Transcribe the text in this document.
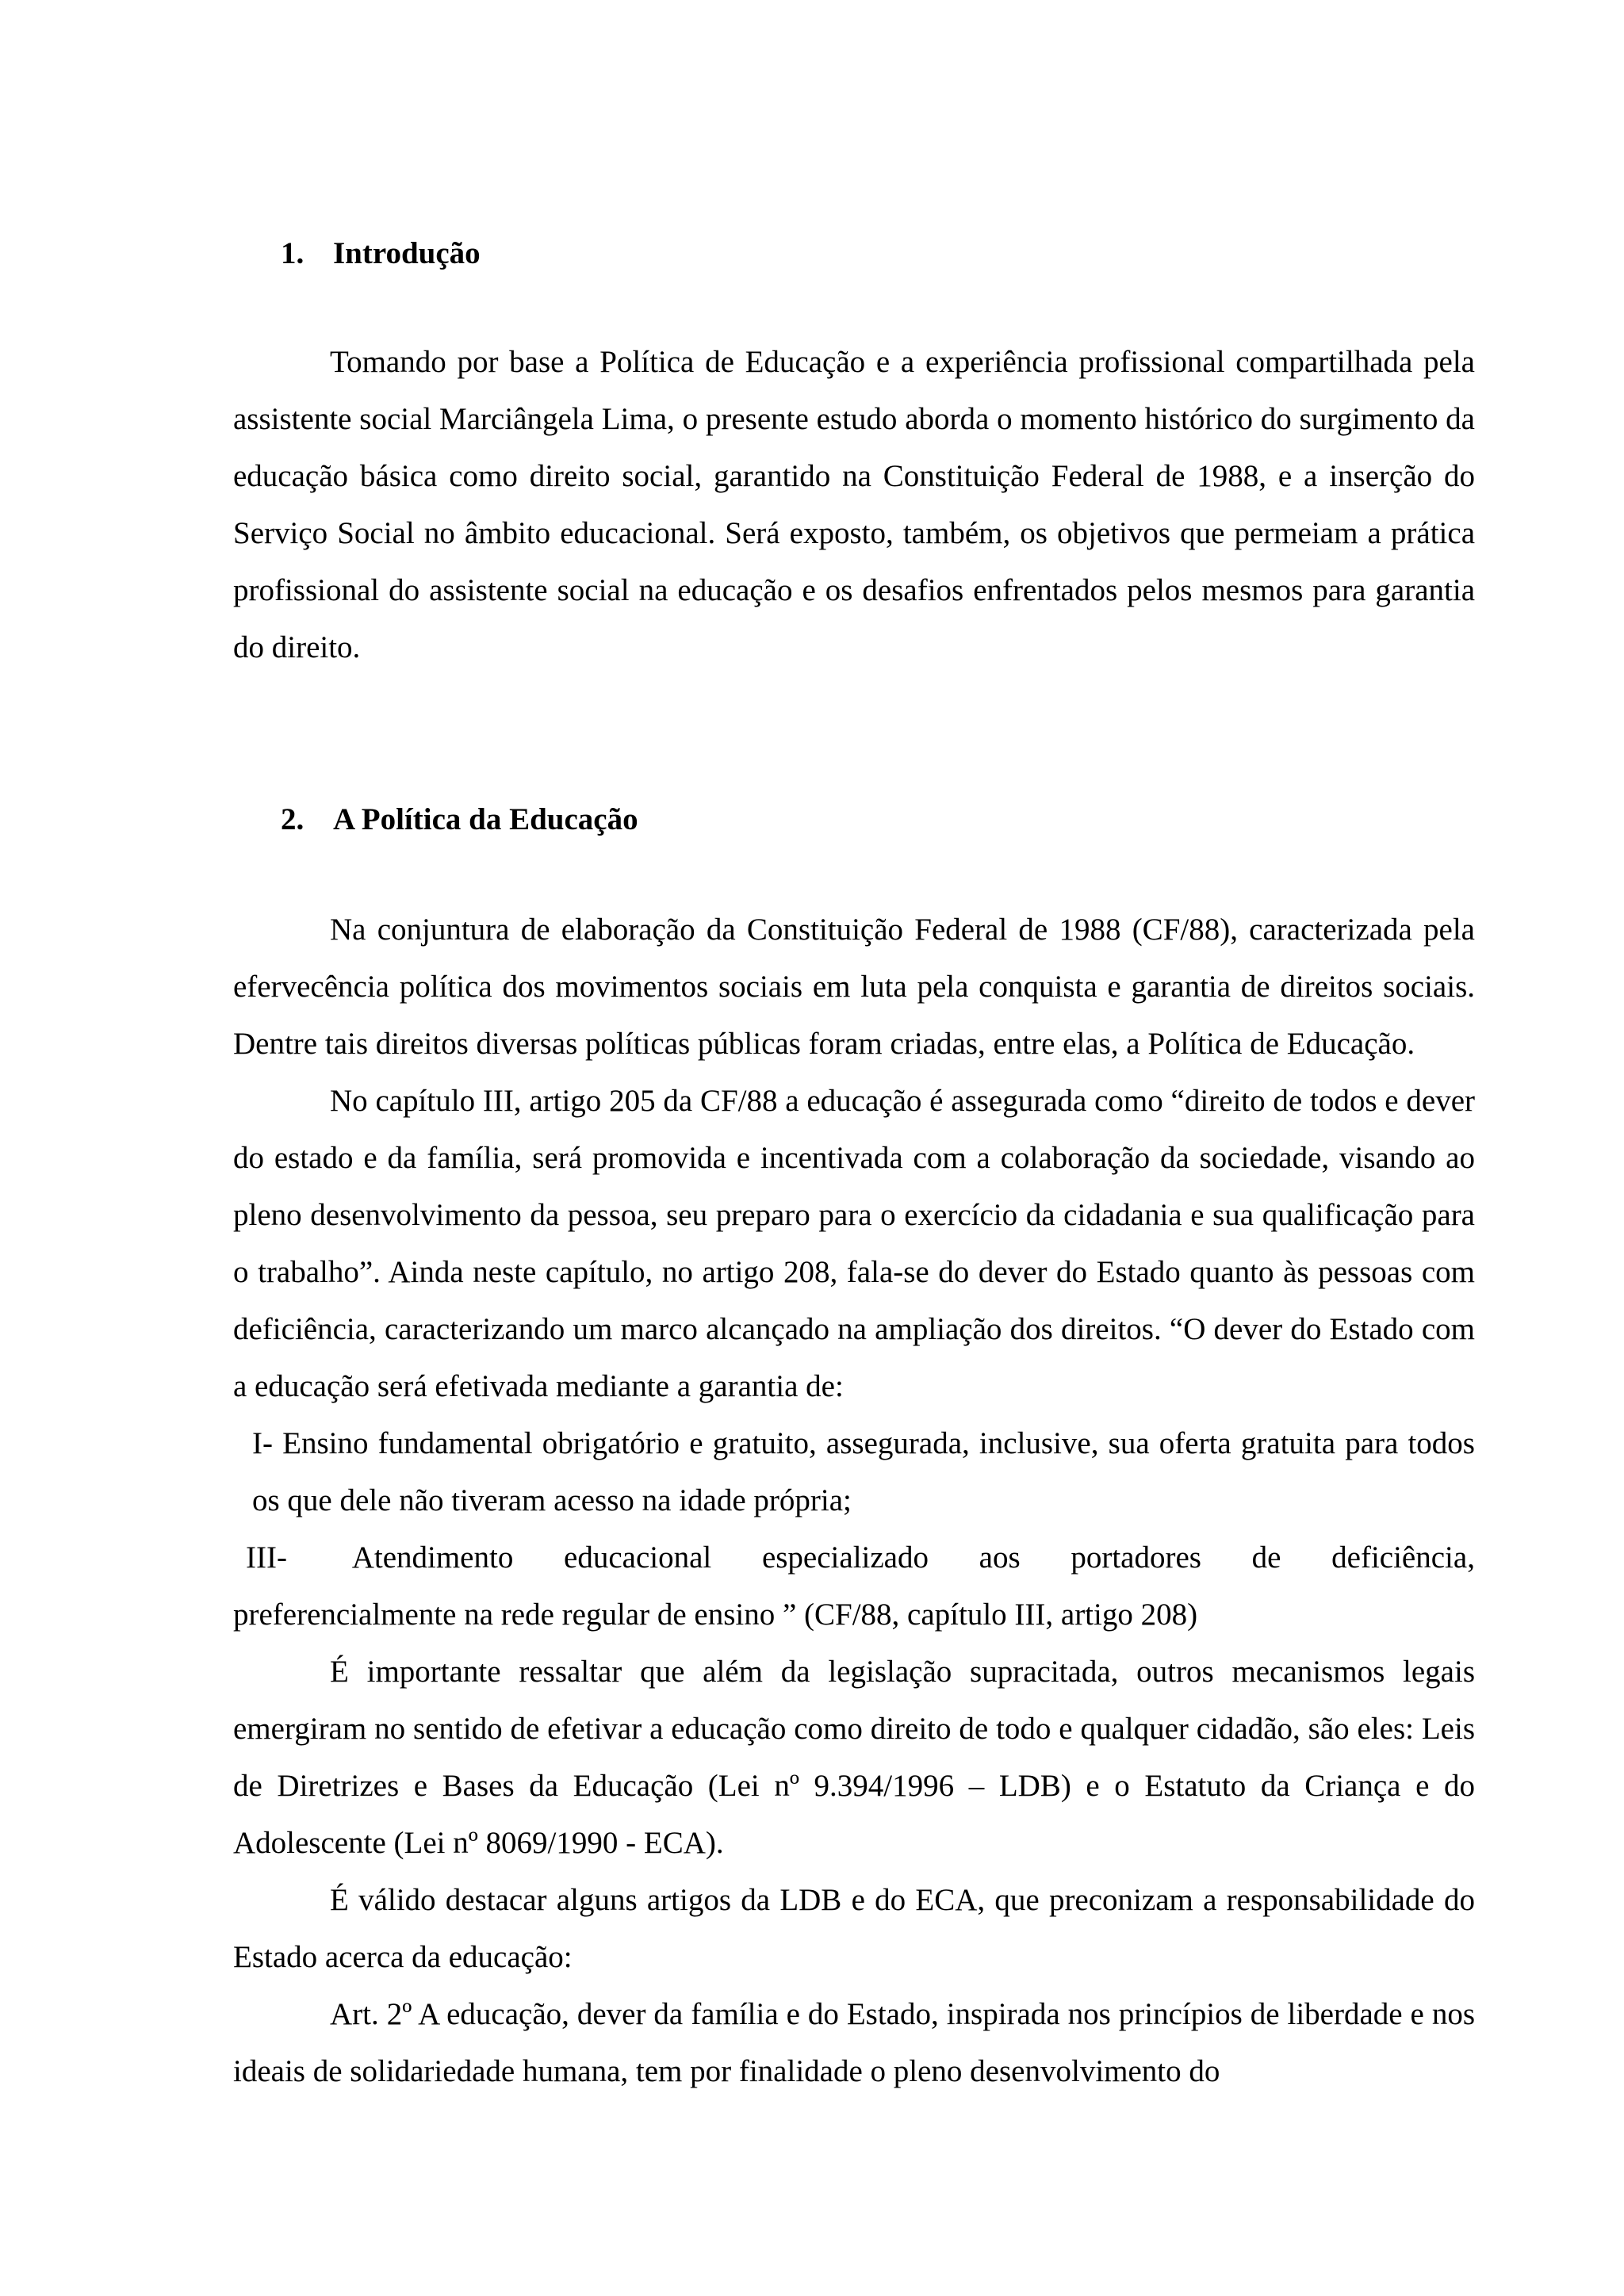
1. Introdução

Tomando por base a Política de Educação e a experiência profissional compartilhada pela assistente social Marciângela Lima, o presente estudo aborda o momento histórico do surgimento da educação básica como direito social, garantido na Constituição Federal de 1988, e a inserção do Serviço Social no âmbito educacional. Será exposto, também, os objetivos que permeiam a prática profissional do assistente social na educação e os desafios enfrentados pelos mesmos para garantia do direito.

2. A Política da Educação

Na conjuntura de elaboração da Constituição Federal de 1988 (CF/88), caracterizada pela efervecência política dos movimentos sociais em luta pela conquista e garantia de direitos sociais. Dentre tais direitos diversas políticas públicas foram criadas, entre elas, a Política de Educação.

No capítulo III, artigo 205 da CF/88 a educação é assegurada como “direito de todos e dever do estado e da família, será promovida e incentivada com a colaboração da sociedade, visando ao pleno desenvolvimento da pessoa, seu preparo para o exercício da cidadania e sua qualificação para o trabalho”. Ainda neste capítulo, no artigo 208, fala-se do dever do Estado quanto às pessoas com deficiência, caracterizando um marco alcançado na ampliação dos direitos. “O dever do Estado com a educação será efetivada mediante a garantia de:

I- Ensino fundamental obrigatório e gratuito, assegurada, inclusive, sua oferta gratuita para todos os que dele não tiveram acesso na idade própria;

III-	Atendimento educacional especializado aos portadores de deficiência,

preferencialmente na rede regular de ensino ” (CF/88, capítulo III, artigo 208)

É importante ressaltar que além da legislação supracitada, outros mecanismos legais emergiram no sentido de efetivar a educação como direito de todo e qualquer cidadão, são eles: Leis de Diretrizes e Bases da Educação (Lei nº 9.394/1996 – LDB) e o Estatuto da Criança e do Adolescente (Lei nº 8069/1990 - ECA).

É válido destacar alguns artigos da LDB e do ECA, que preconizam a responsabilidade do Estado acerca da educação:

Art. 2º A educação, dever da família e do Estado, inspirada nos princípios de liberdade e nos ideais de solidariedade humana, tem por finalidade o pleno desenvolvimento do
